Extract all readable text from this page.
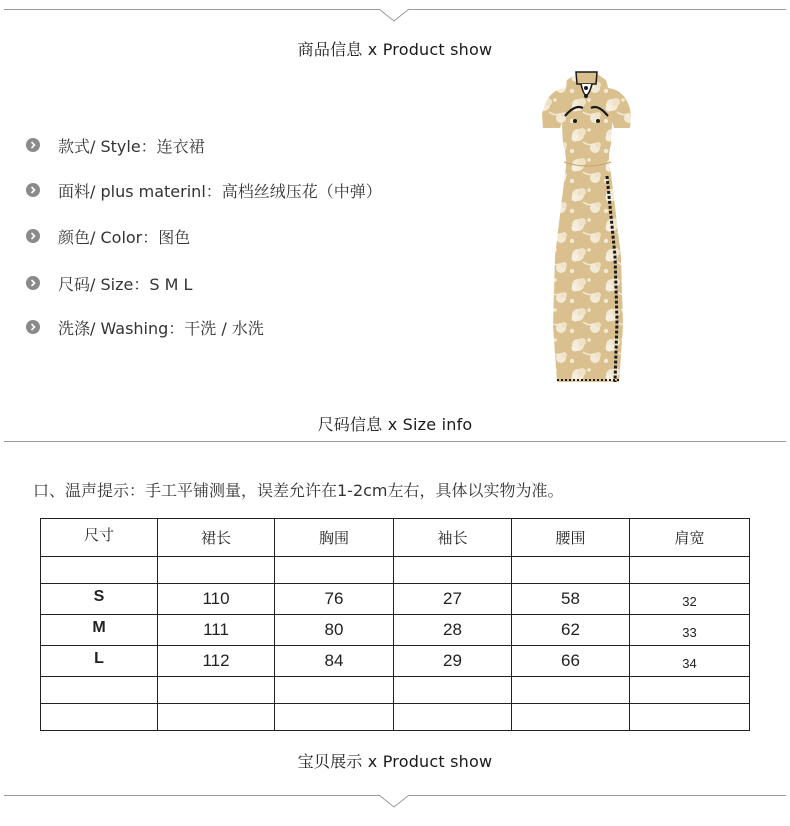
商品信息 x Product show
款式/ Style：连衣裙
面料/ plus materinl：高档丝绒压花（中弹）
颜色/ Color：图色
尺码/ Size：S M L
洗涤/ Washing：干洗 / 水洗
尺码信息 x Size info
口、温声提示：手工平铺测量，误差允许在1-2cm左右，具体以实物为准。
尺寸	裙长	胸围	袖长	腰围	肩宽

S	110	76	27	58	32
M	111	80	28	62	33
L	112	84	29	66	34

宝贝展示 x Product show
